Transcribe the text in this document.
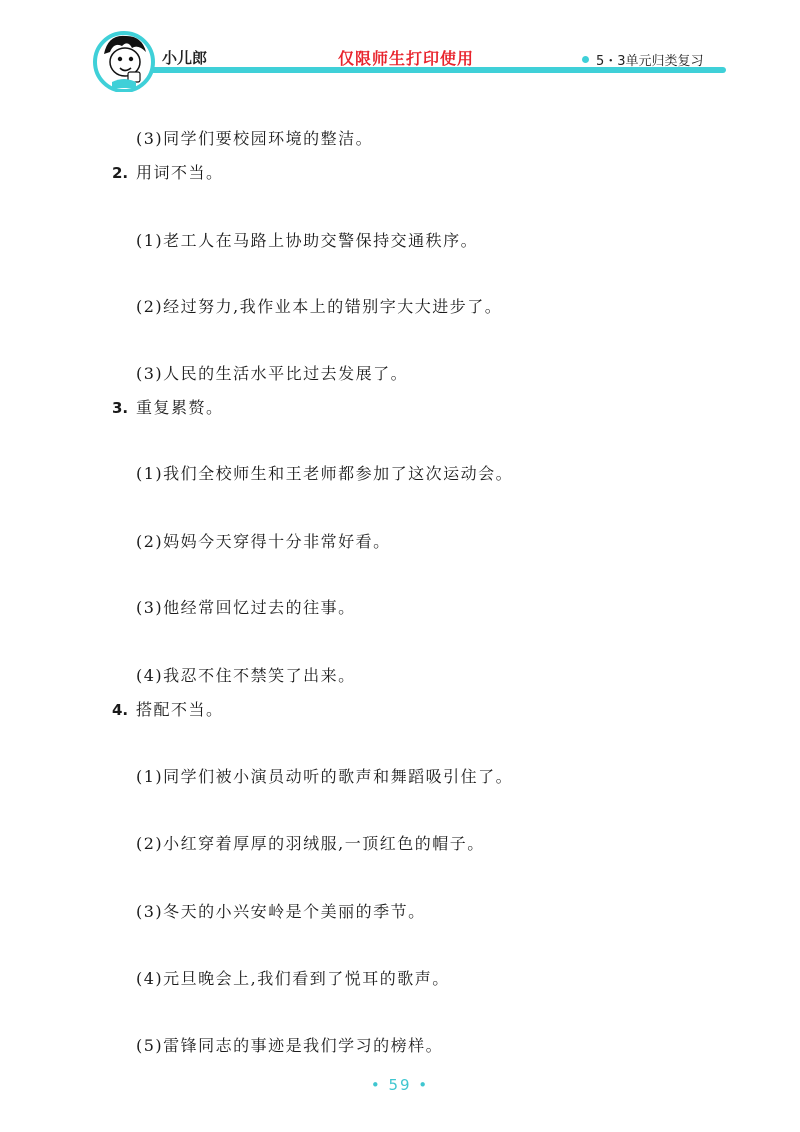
小儿郎	仅限师生打印使用	5・3单元归类复习
(3)同学们要校园环境的整洁。
2. 用词不当。
(1)老工人在马路上协助交警保持交通秩序。
(2)经过努力,我作业本上的错别字大大进步了。
(3)人民的生活水平比过去发展了。
3. 重复累赘。
(1)我们全校师生和王老师都参加了这次运动会。
(2)妈妈今天穿得十分非常好看。
(3)他经常回忆过去的往事。
(4)我忍不住不禁笑了出来。
4. 搭配不当。
(1)同学们被小演员动听的歌声和舞蹈吸引住了。
(2)小红穿着厚厚的羽绒服,一顶红色的帽子。
(3)冬天的小兴安岭是个美丽的季节。
(4)元旦晚会上,我们看到了悦耳的歌声。
(5)雷锋同志的事迹是我们学习的榜样。
• 59 •
